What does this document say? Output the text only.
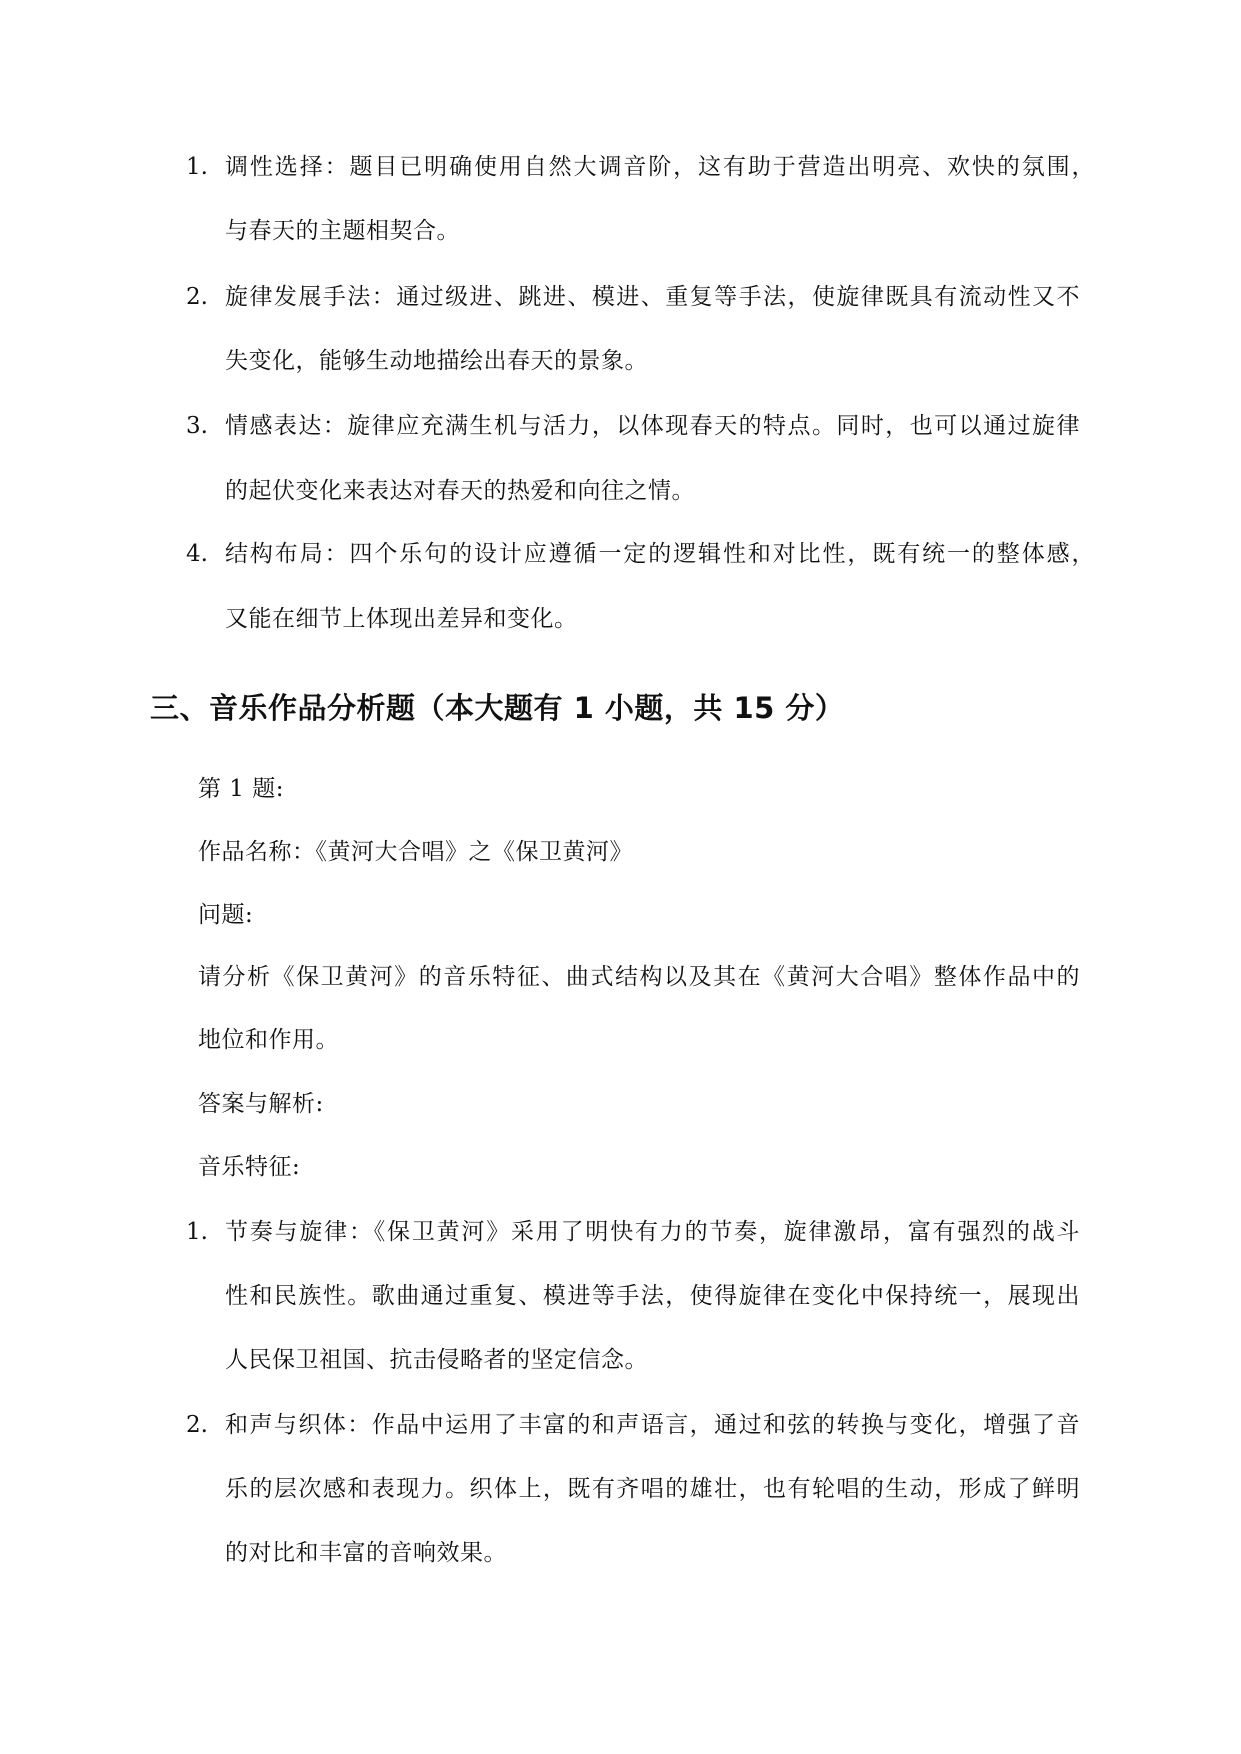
1. 调性选择：题目已明确使用自然大调音阶，这有助于营造出明亮、欢快的氛围，
与春天的主题相契合。
2. 旋律发展手法：通过级进、跳进、模进、重复等手法，使旋律既具有流动性又不
失变化，能够生动地描绘出春天的景象。
3. 情感表达：旋律应充满生机与活力，以体现春天的特点。同时，也可以通过旋律
的起伏变化来表达对春天的热爱和向往之情。
4. 结构布局：四个乐句的设计应遵循一定的逻辑性和对比性，既有统一的整体感，
又能在细节上体现出差异和变化。
三、音乐作品分析题（本大题有 1 小题，共 15 分）
第 1 题:
作品名称：《黄河大合唱》之《保卫黄河》
问题:
请分析《保卫黄河》的音乐特征、曲式结构以及其在《黄河大合唱》整体作品中的
地位和作用。
答案与解析:
音乐特征:
1. 节奏与旋律：《保卫黄河》采用了明快有力的节奏，旋律激昂，富有强烈的战斗
性和民族性。歌曲通过重复、模进等手法，使得旋律在变化中保持统一，展现出
人民保卫祖国、抗击侵略者的坚定信念。
2. 和声与织体：作品中运用了丰富的和声语言，通过和弦的转换与变化，增强了音
乐的层次感和表现力。织体上，既有齐唱的雄壮，也有轮唱的生动，形成了鲜明
的对比和丰富的音响效果。
